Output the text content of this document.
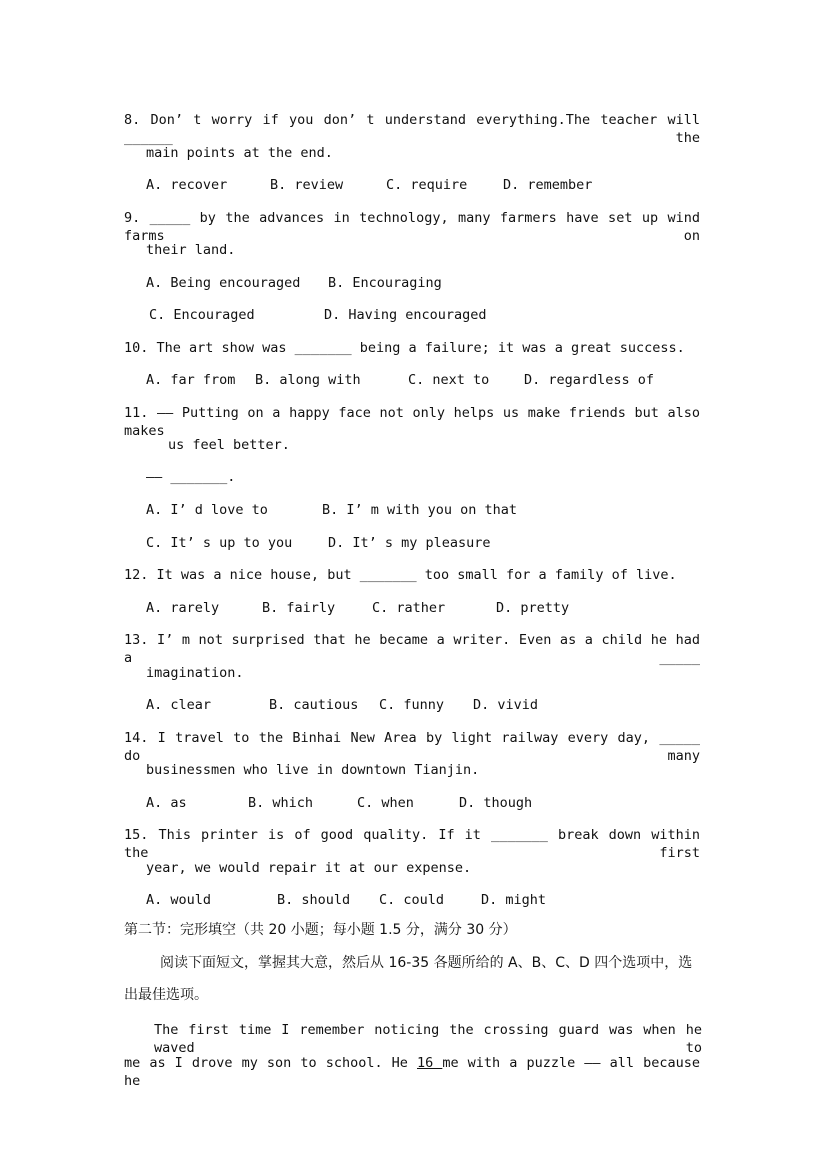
8. Don’ t worry if you don’ t understand everything.The teacher will ______ the
main points at the end.
A. recover	B. review	C. require	D. remember
9. _____ by the advances in technology, many farmers have set up wind farms on
their land.
A. Being encouraged B. Encouraging
C. Encouraged	D. Having encouraged
10. The art show was _______ being a failure; it was a great success.
A. far from B. along with	C. next to	D. regardless of
11. —— Putting on a happy face not only helps us make friends but also makes
us feel better.
—— _______.
A. I’ d love to	B. I’ m with you on that
C. It’ s up to you	D. It’ s my pleasure
12. It was a nice house, but _______ too small for a family of live.
A. rarely	B. fairly	C. rather	D. pretty
13. I’ m not surprised that he became a writer. Even as a child he had a _____
imagination.
A. clear	B. cautious C. funny D. vivid
14. I travel to the Binhai New Area by light railway every day, _____ do many
businessmen who live in downtown Tianjin.
A. as	B. which	C. when	D. though
15. This printer is of good quality. If it _______ break down within the first
year, we would repair it at our expense.
A. would	B. should C. could	D. might
第二节：完形填空（共 20 小题；每小题 1.5 分，满分 30 分）
阅读下面短文，掌握其大意，然后从 16-35 各题所给的 A、B、C、D 四个选项中，选
出最佳选项。
The first time I remember noticing the crossing guard was when he waved to
me as I drove my son to school. He 16 me with a puzzle —— all because he
